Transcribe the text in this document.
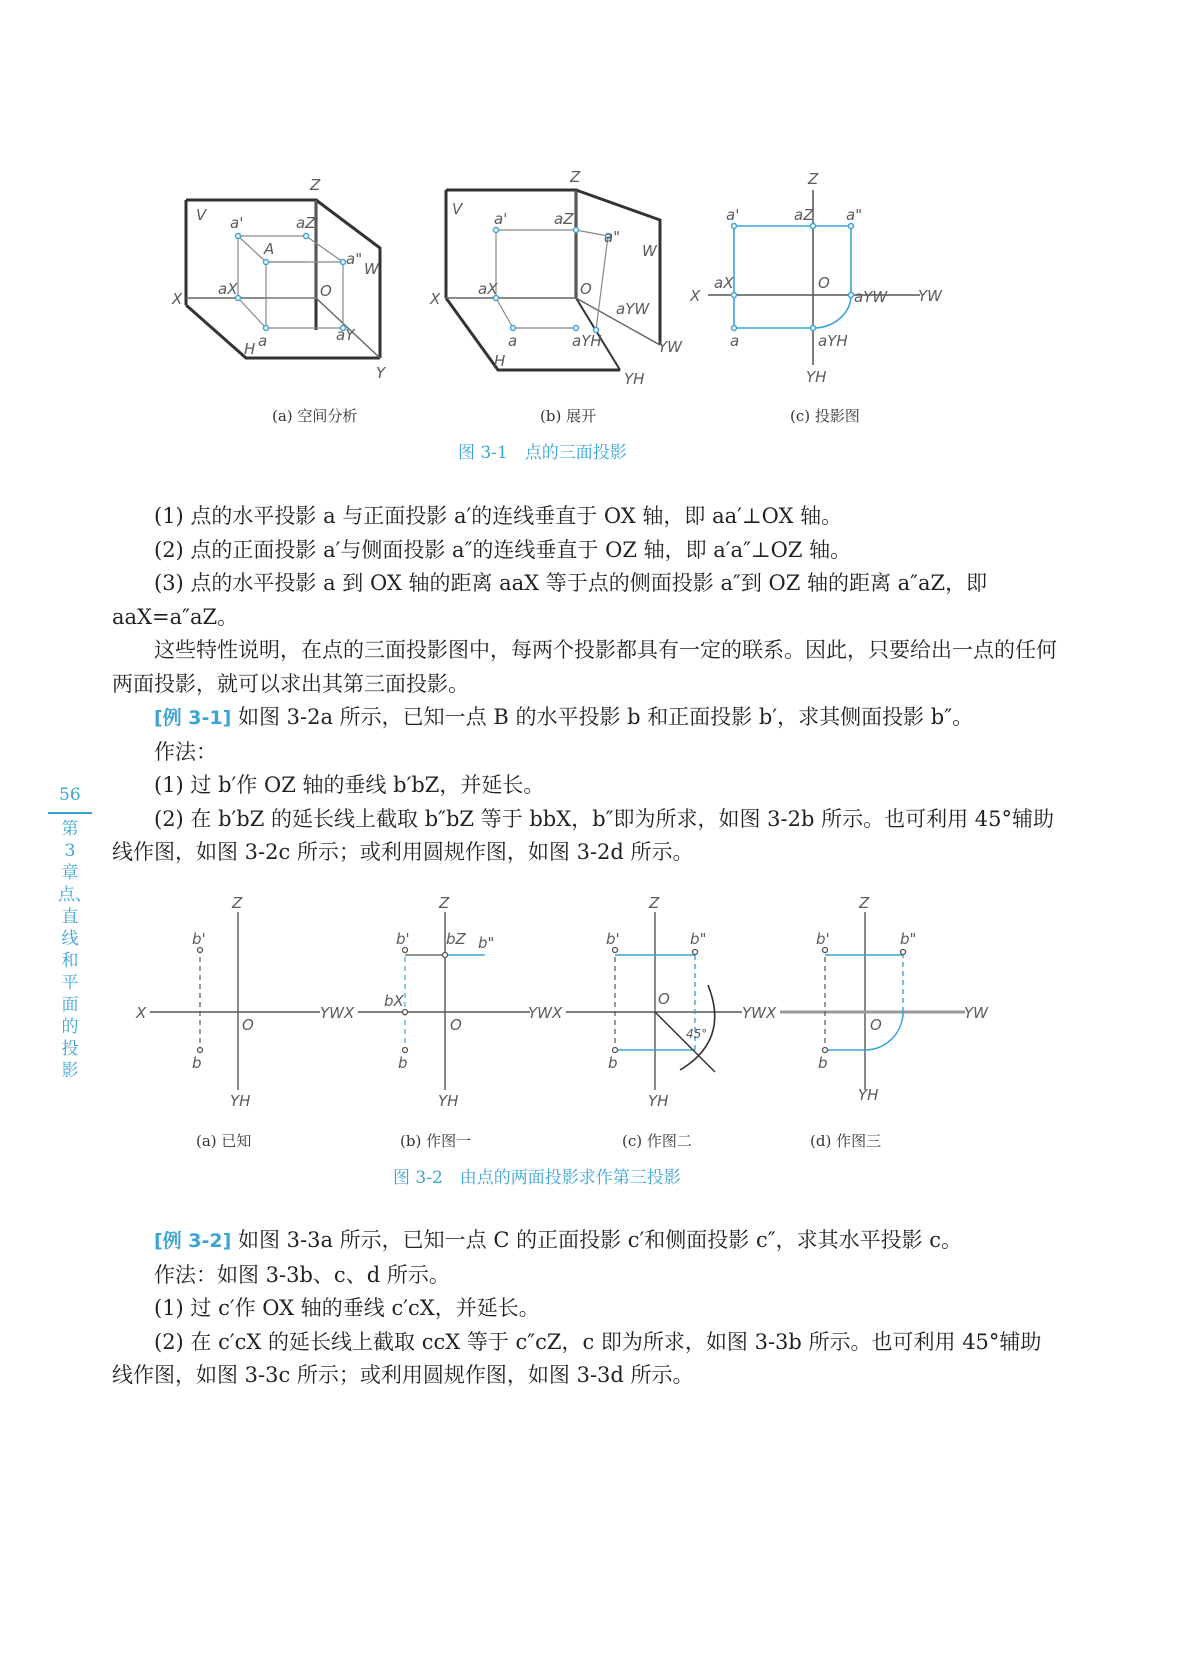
Z
V a'	aZ
A
a"
W
X
aX	O
a	aY
H
Y
Z
V
a'	aZ
a"
W
X
aX	O
aYW
a	aYH	YW
H
YH
Z
a'	aZ a"
X
aX	O
aYW YW
a	aYH
YH
(a) 空间分析	(b) 展开	(c) 投影图
图 3-1　点的三面投影

(1) 点的水平投影 a 与正面投影 a′的连线垂直于 OX 轴，即 aa′⊥OX 轴。

(2) 点的正面投影 a′与侧面投影 a″的连线垂直于 OZ 轴，即 a′a″⊥OZ 轴。

(3) 点的水平投影 a 到 OX 轴的距离 aaX 等于点的侧面投影 a″到 OZ 轴的距离 a″aZ，即 aaX=a″aZ。

这些特性说明，在点的三面投影图中，每两个投影都具有一定的联系。因此，只要给出一点的任何两面投影，就可以求出其第三面投影。

[例 3-1] 如图 3-2a 所示，已知一点 B 的水平投影 b 和正面投影 b′，求其侧面投影 b″。

作法：

(1) 过 b′作 OZ 轴的垂线 b′bZ，并延长。

(2) 在 b′bZ 的延长线上截取 b″bZ 等于 bbX，b″即为所求，如图 3-2b 所示。也可利用 45°辅助线作图，如图 3-2c 所示；或利用圆规作图，如图 3-2d 所示。

Z
X
O
YW
b'
b
YH
Z
X
O
YW
b' bZ b"
bX
b
YH
Z
X
O
YW
b'	b"
b
45°
YH
Z
X
O
YW
b'	b"
b
YH
(a) 已知	(b) 作图一	(c) 作图二	(d) 作图三
图 3-2　由点的两面投影求作第三投影

[例 3-2] 如图 3-3a 所示，已知一点 C 的正面投影 c′和侧面投影 c″，求其水平投影 c。

作法：如图 3-3b、c、d 所示。

(1) 过 c′作 OX 轴的垂线 c′cX，并延长。

(2) 在 c′cX 的延长线上截取 ccX 等于 c″cZ，c 即为所求，如图 3-3b 所示。也可利用 45°辅助线作图，如图 3-3c 所示；或利用圆规作图，如图 3-3d 所示。

56
第3章 点、直线和平面的投影
